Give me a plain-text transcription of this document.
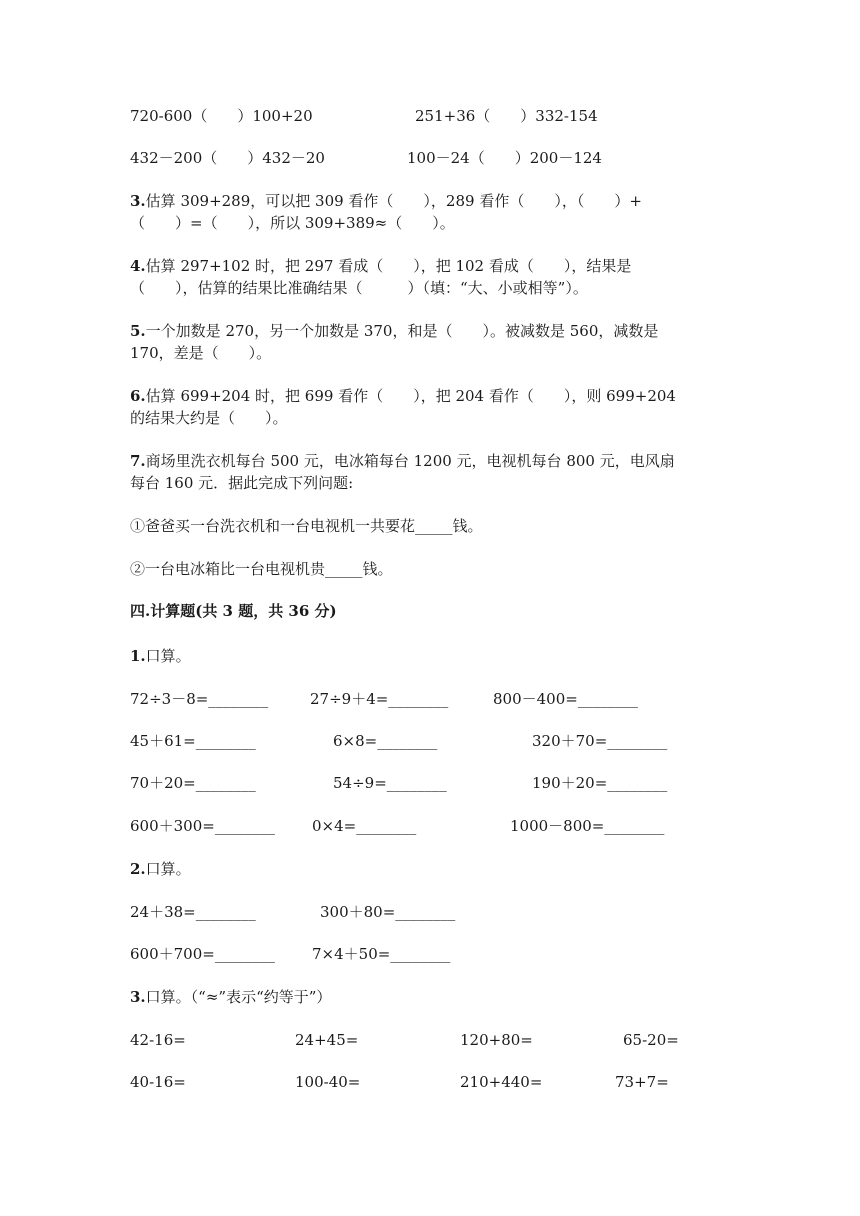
720-600（　　）100+20	251+36（　　）332-154
432－200（　　）432－20	100－24（　　）200－124
3.估算 309+289，可以把 309 看作（　　），289 看作（　　），（　　）+
（　　）=（　　），所以 309+389≈（　　）。
4.估算 297+102 时，把 297 看成（　　），把 102 看成（　　），结果是
（　　），估算的结果比准确结果（　　　）（填：“大、小或相等”）。
5.一个加数是 270，另一个加数是 370，和是（　　）。被减数是 560，减数是
170，差是（　　）。
6.估算 699+204 时，把 699 看作（　　），把 204 看作（　　），则 699+204
的结果大约是（　　）。
7.商场里洗衣机每台 500 元，电冰箱每台 1200 元，电视机每台 800 元，电风扇
每台 160 元．据此完成下列问题:
①爸爸买一台洗衣机和一台电视机一共要花_____钱。
②一台电冰箱比一台电视机贵_____钱。
四.计算题(共 3 题，共 36 分)
1.口算。
72÷3－8=________	27÷9＋4=________	800－400=________
45＋61=________	6×8=________	320＋70=________
70＋20=________	54÷9=________	190＋20=________
600＋300=________ 0×4=________	1000－800=________
2.口算。
24＋38=________	300＋80=________
600＋700=________ 7×4＋50=________
3.口算。（“≈”表示“约等于”）
42-16=	24+45=	120+80=	65-20=
40-16=	100-40=	210+440=	73+7=
